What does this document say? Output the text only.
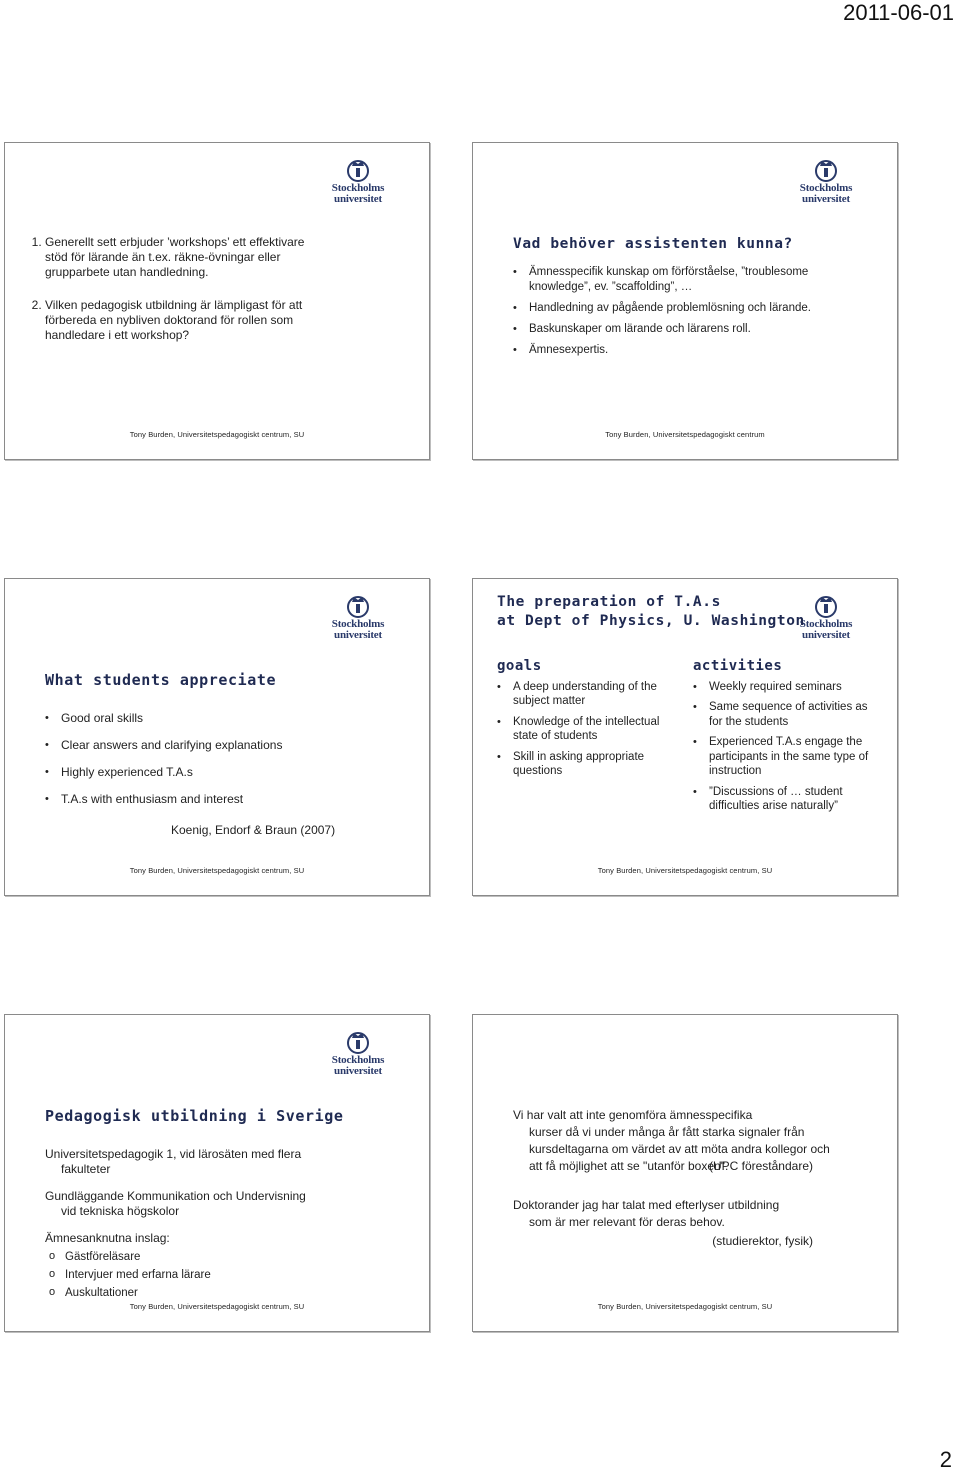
2011-06-01
Stockholms
universitet
1. Generellt sett erbjuder ’workshops’ ett effektivare stöd för lärande än t.ex. räkne-övningar eller grupparbete utan handledning.
2. Vilken pedagogisk utbildning är lämpligast för att förbereda en nybliven doktorand för rollen som handledare i ett workshop?
Tony Burden, Universitetspedagogiskt centrum, SU
Stockholms
universitet
Vad behöver assistenten kunna?
• Ämnesspecifik kunskap om förförståelse, ”troublesome knowledge”, ev. ”scaffolding”, …
• Handledning av pågående problemlösning och lärande.
• Baskunskaper om lärande och lärarens roll.
• Ämnesexpertis.
Tony Burden, Universitetspedagogiskt centrum
Stockholms
universitet
What students appreciate
• Good oral skills
• Clear answers and clarifying explanations
• Highly experienced T.A.s
• T.A.s with enthusiasm and interest
Koenig, Endorf & Braun (2007)
Tony Burden, Universitetspedagogiskt centrum, SU
Stockholms
universitet
The preparation of T.A.s
at Dept of Physics, U. Washington
goals
• A deep understanding of the subject matter
• Knowledge of the intellectual state of students
• Skill in asking appropriate questions
activities
• Weekly required seminars
• Same sequence of activities as for the students
• Experienced T.A.s engage the participants in the same type of instruction
• ”Discussions of … student difficulties arise naturally”
Tony Burden, Universitetspedagogiskt centrum, SU
Stockholms
universitet
Pedagogisk utbildning i Sverige

Universitetspedagogik 1, vid lärosäten med flera
fakulteter

Gundläggande Kommunikation och Undervisning
vid tekniska högskolor

Ämnesanknutna inslag:

o Gästföreläsare
o Intervjuer med erfarna lärare
o Auskultationer
Tony Burden, Universitetspedagogiskt centrum, SU

Vi har valt att inte genomföra ämnesspecifika
kurser då vi under många år fått starka signaler från kursdeltagarna om värdet av att möta andra kollegor och att få möjlighet att se "utanför boxen".

(UPC föreståndare)

Doktorander jag har talat med efterlyser utbildning
som är mer relevant för deras behov.

(studierektor, fysik)
Tony Burden, Universitetspedagogiskt centrum, SU
2
